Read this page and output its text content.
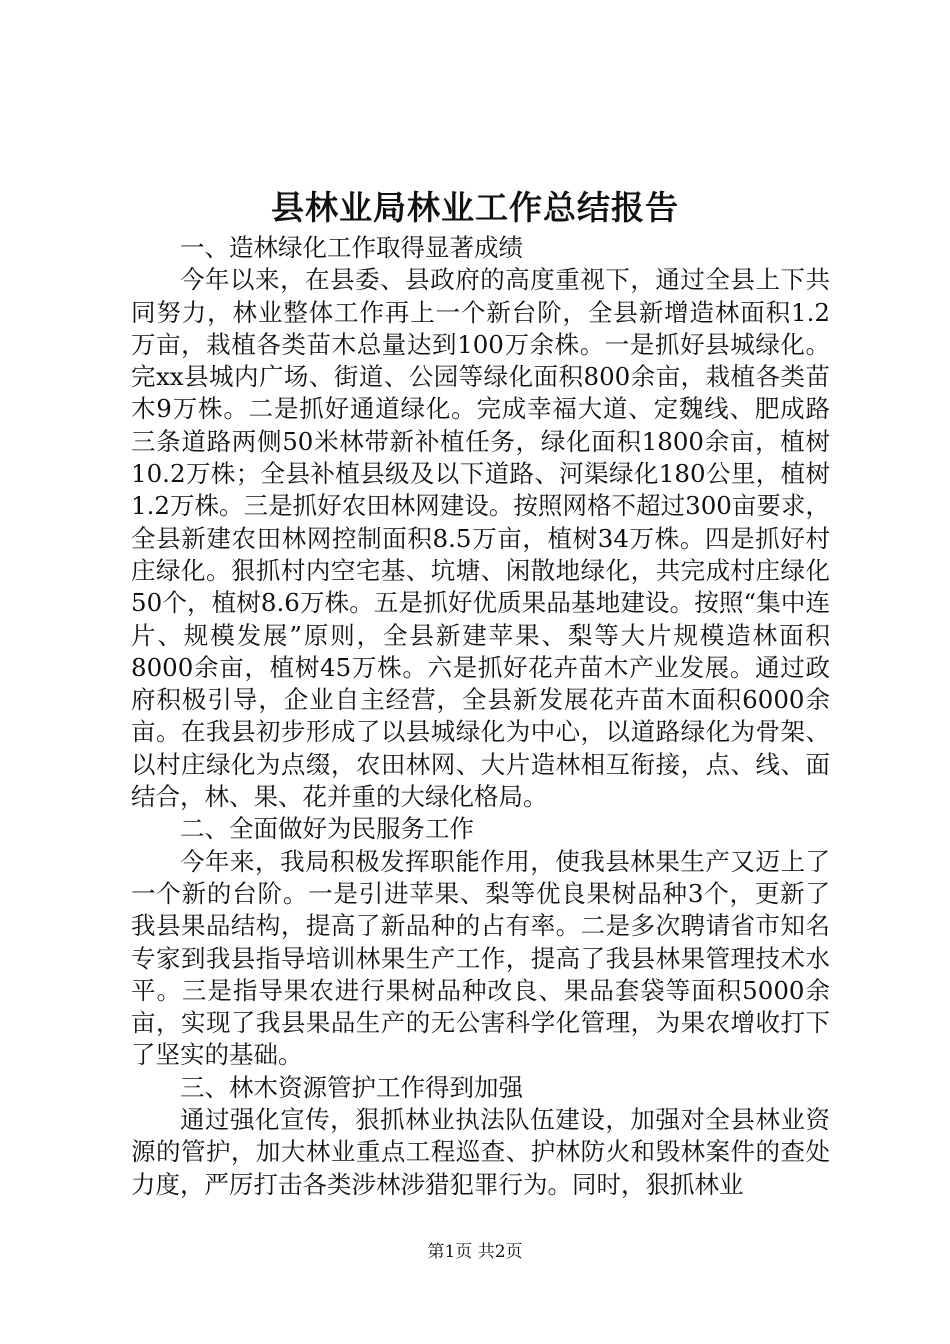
县林业局林业工作总结报告

一、造林绿化工作取得显著成绩

今年以来，在县委、县政府的高度重视下，通过全县上下共同努力，林业整体工作再上一个新台阶，全县新增造林面积1.2万亩，栽植各类苗木总量达到100万余株。一是抓好县城绿化。完xx县城内广场、街道、公园等绿化面积800余亩，栽植各类苗木9万株。二是抓好通道绿化。完成幸福大道、定魏线、肥成路三条道路两侧50米林带新补植任务，绿化面积1800余亩，植树10.2万株；全县补植县级及以下道路、河渠绿化180公里，植树1.2万株。三是抓好农田林网建设。按照网格不超过300亩要求，全县新建农田林网控制面积8.5万亩，植树34万株。四是抓好村庄绿化。狠抓村内空宅基、坑塘、闲散地绿化，共完成村庄绿化50个，植树8.6万株。五是抓好优质果品基地建设。按照“集中连片、规模发展”原则，全县新建苹果、梨等大片规模造林面积8000余亩，植树45万株。六是抓好花卉苗木产业发展。通过政府积极引导，企业自主经营，全县新发展花卉苗木面积6000余亩。在我县初步形成了以县城绿化为中心，以道路绿化为骨架、以村庄绿化为点缀，农田林网、大片造林相互衔接，点、线、面结合，林、果、花并重的大绿化格局。

二、全面做好为民服务工作

今年来，我局积极发挥职能作用，使我县林果生产又迈上了一个新的台阶。一是引进苹果、梨等优良果树品种3个，更新了我县果品结构，提高了新品种的占有率。二是多次聘请省市知名专家到我县指导培训林果生产工作，提高了我县林果管理技术水平。三是指导果农进行果树品种改良、果品套袋等面积5000余亩，实现了我县果品生产的无公害科学化管理，为果农增收打下了坚实的基础。

三、林木资源管护工作得到加强

通过强化宣传，狠抓林业执法队伍建设，加强对全县林业资源的管护，加大林业重点工程巡查、护林防火和毁林案件的查处力度，严厉打击各类涉林涉猎犯罪行为。同时，狠抓林业

第1页 共2页
